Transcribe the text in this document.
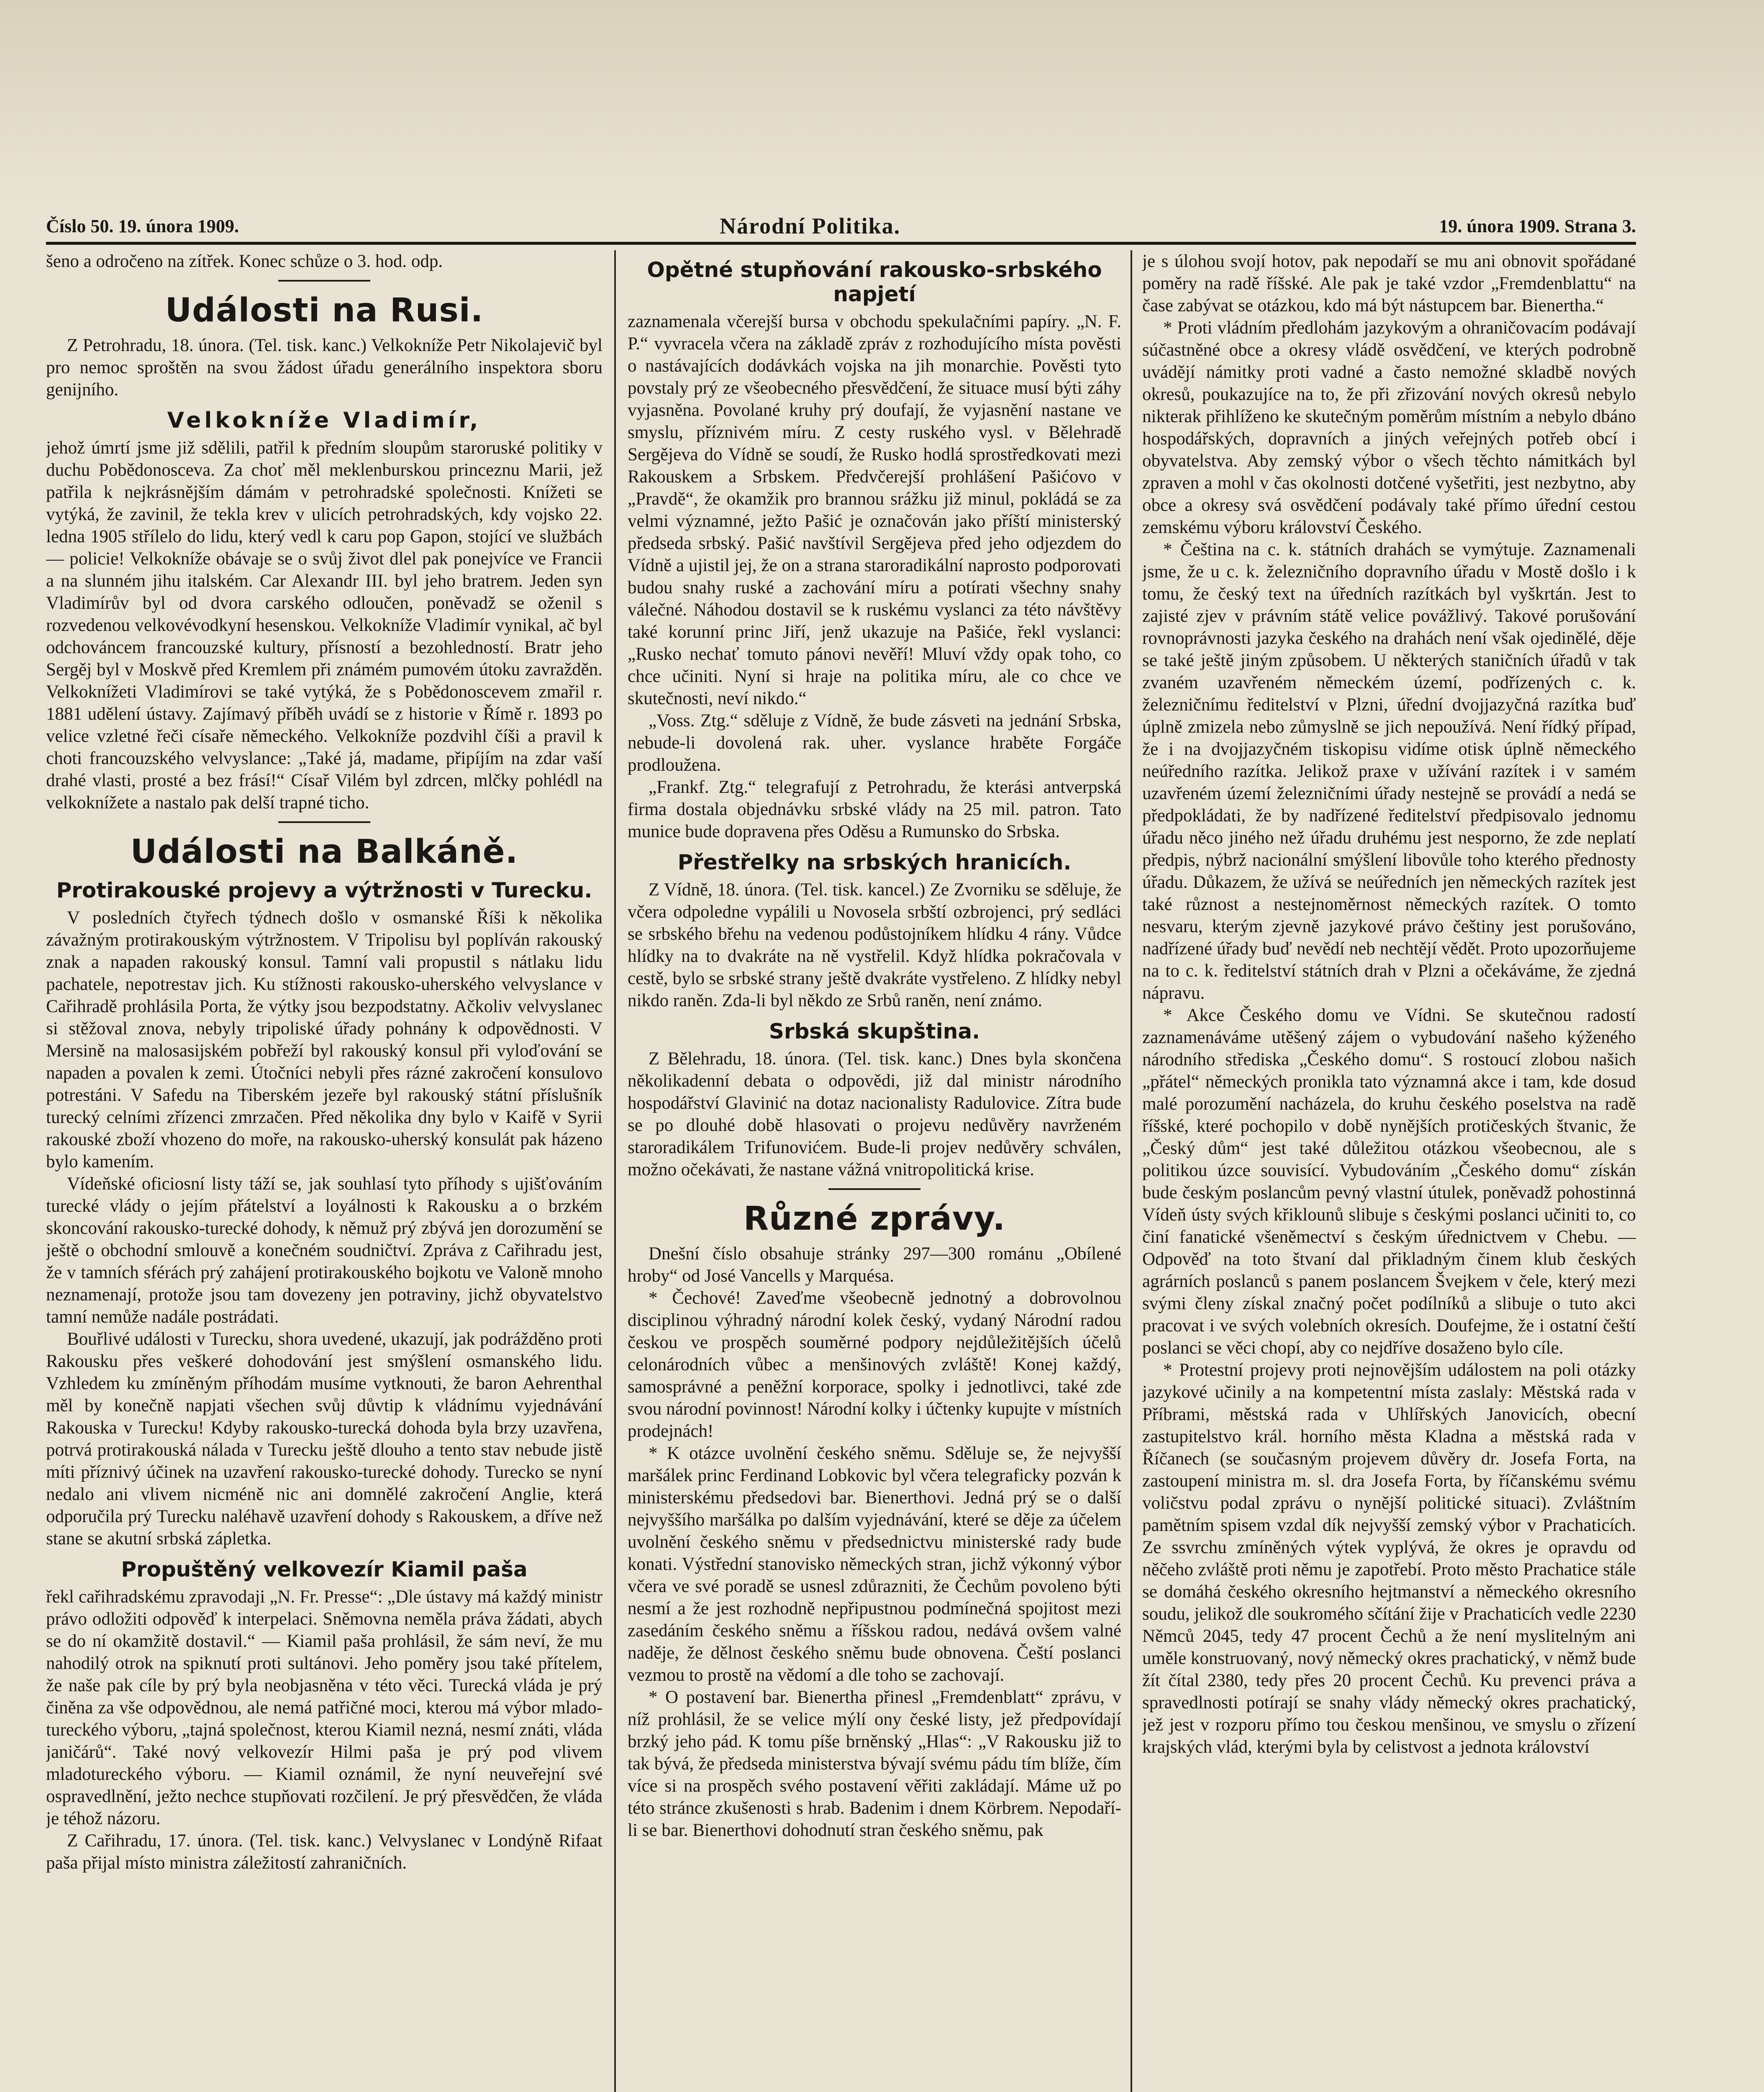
Číslo 50. 19. února 1909.	Národní Politika.	19. února 1909. Strana 3.

šeno a odročeno na zítřek. Konec schůze o 3. hod. odp.

Události na Rusi.

Z Petrohradu, 18. února. (Tel. tisk. kanc.) Velkokníže Petr Nikolajevič byl pro nemoc sproštěn na svou žádost úřadu generálního inspektora sboru genijního.

Velkokníže Vladimír,

jehož úmrtí jsme již sdělili, patřil k předním sloupům staroruské politiky v duchu Pobědonosceva. Za choť měl meklenburskou princeznu Marii, jež patřila k nejkrásnějším dámám v petrohradské společnosti. Knížeti se vytýká, že zavinil, že tekla krev v ulicích petrohradských, kdy vojsko 22. ledna 1905 střílelo do lidu, který vedl k caru pop Gapon, stojící ve službách — policie! Velkokníže obávaje se o svůj život dlel pak ponejvíce ve Francii a na slunném jihu italském. Car Alexandr III. byl jeho bratrem. Jeden syn Vladimírův byl od dvora carského odloučen, poněvadž se oženil s rozvedenou velkovévodkyní hesenskou. Velkokníže Vladimír vynikal, ač byl odchováncem francouzské kultury, přísností a bezohledností. Bratr jeho Sergěj byl v Moskvě před Kremlem při známém pumovém útoku zavražděn. Velkoknížeti Vladimírovi se také vytýká, že s Pobědonoscevem zmařil r. 1881 udělení ústavy. Zajímavý příběh uvádí se z historie v Římě r. 1893 po velice vzletné řeči císaře německého. Velkokníže pozdvihl číši a pravil k choti francouzského velvyslance: „Také já, madame, připíjím na zdar vaší drahé vlasti, prosté a bez frásí!“ Císař Vilém byl zdrcen, mlčky pohlédl na velkoknížete a nastalo pak delší trapné ticho.

Události na Balkáně.
Protirakouské projevy a výtržnosti v Turecku.

V posledních čtyřech týdnech došlo v osmanské Říši k několika závažným protirakouským výtržnostem. V Tripolisu byl poplíván rakouský znak a napaden rakouský konsul. Tamní vali propustil s nátlaku lidu pachatele, nepotrestav jich. Ku stížnosti rakousko-uherského velvyslance v Cařihradě prohlásila Porta, že výtky jsou bezpodstatny. Ačkoliv velvyslanec si stěžoval znova, nebyly tripoliské úřady pohnány k odpovědnosti. V Mersině na malosasijském pobřeží byl rakouský konsul při vyloďování se napaden a povalen k zemi. Útočníci nebyli přes rázné zakročení konsulovo potrestáni. V Safedu na Tiberském jezeře byl rakouský státní příslušník turecký celními zřízenci zmrzačen. Před několika dny bylo v Kaifě v Syrii rakouské zboží vhozeno do moře, na rakousko-uherský konsulát pak házeno bylo kamením.

Vídeňské oficiosní listy táží se, jak souhlasí tyto příhody s ujišťováním turecké vlády o jejím přátelství a loyálnosti k Rakousku a o brzkém skoncování rakousko-turecké dohody, k němuž prý zbývá jen dorozumění se ještě o obchodní smlouvě a konečném soudničtví. Zpráva z Cařihradu jest, že v tamních sférách prý zahájení protirakouského bojkotu ve Valoně mnoho neznamenají, protože jsou tam dovezeny jen potraviny, jichž obyvatelstvo tamní nemůže nadále postrádati.

Bouřlivé události v Turecku, shora uvedené, ukazují, jak podrážděno proti Rakousku přes veškeré dohodování jest smýšlení osmanského lidu. Vzhledem ku zmíněným příhodám musíme vytknouti, že baron Aehrenthal měl by konečně napjati všechen svůj důvtip k vládnímu vyjednávání Rakouska v Turecku! Kdyby rakousko-turecká dohoda byla brzy uzavřena, potrvá protirakouská nálada v Turecku ještě dlouho a tento stav nebude jistě míti příznivý účinek na uzavření rakousko-turecké dohody. Turecko se nyní nedalo ani vlivem nicméně nic ani domnělé zakročení Anglie, která odporučila prý Turecku naléhavě uzavření dohody s Rakouskem, a dříve než stane se akutní srbská zápletka.

Propuštěný velkovezír Kiamil paša

řekl cařihradskému zpravodaji „N. Fr. Presse“: „Dle ústavy má každý ministr právo odložiti odpověď k interpelaci. Sněmovna neměla práva žádati, abych se do ní okamžitě dostavil.“ — Kiamil paša prohlásil, že sám neví, že mu nahodilý otrok na spiknutí proti sultánovi. Jeho poměry jsou také přítelem, že naše pak cíle by prý byla neobjasněna v této věci. Turecká vláda je prý činěna za vše odpovědnou, ale nemá patřičné moci, kterou má výbor mlado-tureckého výboru, „tajná společnost, kterou Kiamil nezná, nesmí znáti, vláda janičárů“. Také nový velkovezír Hilmi paša je prý pod vlivem mladotureckého výboru. — Kiamil oznámil, že nyní neuveřejní své ospravedlnění, ježto nechce stupňovati rozčilení. Je prý přesvědčen, že vláda je téhož názoru.

Z Cařihradu, 17. února. (Tel. tisk. kanc.) Velvyslanec v Londýně Rifaat paša přijal místo ministra záležitostí zahraničních.

Opětné stupňování rakousko-srbského napjetí

zaznamenala včerejší bursa v obchodu spekulačními papíry. „N. F. P.“ vyvracela včera na základě zpráv z rozhodujícího místa pověsti o nastávajících dodávkách vojska na jih monarchie. Pověsti tyto povstaly prý ze všeobecného přesvědčení, že situace musí býti záhy vyjasněna. Povolané kruhy prý doufají, že vyjasnění nastane ve smyslu, příznivém míru. Z cesty ruského vysl. v Bělehradě Sergějeva do Vídně se soudí, že Rusko hodlá sprostředkovati mezi Rakouskem a Srbskem. Předvčerejší prohlášení Pašićovo v „Pravdě“, že okamžik pro brannou srážku již minul, pokládá se za velmi významné, ježto Pašić je označován jako příští ministerský předseda srbský. Pašić navštívil Sergějeva před jeho odjezdem do Vídně a ujistil jej, že on a strana staroradikální naprosto podporovati budou snahy ruské a zachování míru a potírati všechny snahy válečné. Náhodou dostavil se k ruskému vyslanci za této návštěvy také korunní princ Jiří, jenž ukazuje na Pašiće, řekl vyslanci: „Rusko nechať tomuto pánovi nevěří! Mluví vždy opak toho, co chce učiniti. Nyní si hraje na politika míru, ale co chce ve skutečnosti, neví nikdo.“

„Voss. Ztg.“ sděluje z Vídně, že bude zásveti na jednání Srbska, nebude-li dovolená rak. uher. vyslance hraběte Forgáče prodloužena.

„Frankf. Ztg.“ telegrafují z Petrohradu, že kterási antverpská firma dostala objednávku srbské vlády na 25 mil. patron. Tato munice bude dopravena přes Oděsu a Rumunsko do Srbska.

Přestřelky na srbských hranicích.

Z Vídně, 18. února. (Tel. tisk. kancel.) Ze Zvorniku se sděluje, že včera odpoledne vypálili u Novosela srbští ozbrojenci, prý sedláci se srbského břehu na vedenou podůstojníkem hlídku 4 rány. Vůdce hlídky na to dvakráte na ně vystřelil. Když hlídka pokračovala v cestě, bylo se srbské strany ještě dvakráte vystřeleno. Z hlídky nebyl nikdo raněn. Zda-li byl někdo ze Srbů raněn, není známo.

Srbská skupština.

Z Bělehradu, 18. února. (Tel. tisk. kanc.) Dnes byla skončena několikadenní debata o odpovědi, již dal ministr národního hospodářství Glavinić na dotaz nacionalisty Radulovice. Zítra bude se po dlouhé době hlasovati o projevu nedůvěry navrženém staroradikálem Trifunovićem. Bude-li projev nedůvěry schválen, možno očekávati, že nastane vážná vnitropolitická krise.

Různé zprávy.

Dnešní číslo obsahuje stránky 297—300 románu „Obílené hroby“ od José Vancells y Marquésa.

* Čechové! Zaveďme všeobecně jednotný a dobrovolnou disciplinou výhradný národní kolek český, vydaný Národní radou českou ve prospěch souměrné podpory nejdůležitějších účelů celonárodních vůbec a menšinových zvláště! Konej každý, samosprávné a peněžní korporace, spolky i jednotlivci, také zde svou národní povinnost! Národní kolky i účtenky kupujte v místních prodejnách!

* K otázce uvolnění českého sněmu. Sděluje se, že nejvyšší maršálek princ Ferdinand Lobkovic byl včera telegraficky pozván k ministerskému předsedovi bar. Bienerthovi. Jedná prý se o další nejvyššího maršálka po dalším vyjednávání, které se děje za účelem uvolnění českého sněmu v předsednictvu ministerské rady bude konati. Výstřední stanovisko německých stran, jichž výkonný výbor včera ve své poradě se usnesl zdůrazniti, že Čechům povoleno býti nesmí a že jest rozhodně nepřipustnou podmínečná spojitost mezi zasedáním českého sněmu a říšskou radou, nedává ovšem valné naděje, že dělnost českého sněmu bude obnovena. Čeští poslanci vezmou to prostě na vědomí a dle toho se zachovají.

* O postavení bar. Bienertha přinesl „Fremdenblatt“ zprávu, v níž prohlásil, že se velice mýlí ony české listy, jež předpovídají brzký jeho pád. K tomu píše brněnský „Hlas“: „V Rakousku již to tak bývá, že předseda ministerstva bývají svému pádu tím blíže, čím více si na prospěch svého postavení věřiti zakládají. Máme už po této stránce zkušenosti s hrab. Badenim i dnem Körbrem. Nepodaří-li se bar. Bienerthovi dohodnutí stran českého sněmu, pak

je s úlohou svojí hotov, pak nepodaří se mu ani obnovit spořádané poměry na radě říšské. Ale pak je také vzdor „Fremdenblattu“ na čase zabývat se otázkou, kdo má být nástupcem bar. Bienertha.“

* Proti vládním předlohám jazykovým a ohraničovacím podávají súčastněné obce a okresy vládě osvědčení, ve kterých podrobně uvádějí námitky proti vadné a často nemožné skladbě nových okresů, poukazujíce na to, že při zřizování nových okresů nebylo nikterak přihlíženo ke skutečným poměrům místním a nebylo dbáno hospodářských, dopravních a jiných veřejných potřeb obcí i obyvatelstva. Aby zemský výbor o všech těchto námitkách byl zpraven a mohl v čas okolnosti dotčené vyšetřiti, jest nezbytno, aby obce a okresy svá osvědčení podávaly také přímo úřední cestou zemskému výboru království Českého.

* Čeština na c. k. státních drahách se vymýtuje. Zaznamenali jsme, že u c. k. železničního dopravního úřadu v Mostě došlo i k tomu, že český text na úředních razítkách byl vyškrtán. Jest to zajisté zjev v právním státě velice povážlivý. Takové porušování rovnoprávnosti jazyka českého na drahách není však ojedinělé, děje se také ještě jiným způsobem. U některých staničních úřadů v tak zvaném uzavřeném německém území, podřízených c. k. železničnímu ředitelství v Plzni, úřední dvojjazyčná razítka buď úplně zmizela nebo zůmyslně se jich nepoužívá. Není řídký případ, že i na dvojjazyčném tiskopisu vidíme otisk úplně německého neúředního razítka. Jelikož praxe v užívání razítek i v samém uzavřeném území železničními úřady nestejně se provádí a nedá se předpokládati, že by nadřízené ředitelství předpisovalo jednomu úřadu něco jiného než úřadu druhému jest nesporno, že zde neplatí předpis, nýbrž nacionální smýšlení libovůle toho kterého přednosty úřadu. Důkazem, že užívá se neúředních jen německých razítek jest také různost a nestejnoměrnost německých razítek. O tomto nesvaru, kterým zjevně jazykové právo češtiny jest porušováno, nadřízené úřady buď nevědí neb nechtějí vědět. Proto upozorňujeme na to c. k. ředitelství státních drah v Plzni a očekáváme, že zjedná nápravu.

* Akce Českého domu ve Vídni. Se skutečnou radostí zaznamenáváme utěšený zájem o vybudování našeho kýženého národního střediska „Českého domu“. S rostoucí zlobou našich „přátel“ německých pronikla tato významná akce i tam, kde dosud malé porozumění nacházela, do kruhu českého poselstva na radě říšské, které pochopilo v době nynějších protičeských štvanic, že „Český dům“ jest také důležitou otázkou všeobecnou, ale s politikou úzce souvisící. Vybudováním „Českého domu“ získán bude českým poslancům pevný vlastní útulek, poněvadž pohostinná Vídeň ústy svých křiklounů slibuje s českými poslanci učiniti to, co činí fanatické všeněmectví s českým úřednictvem v Chebu. — Odpověď na toto štvaní dal přikladným činem klub českých agrárních poslanců s panem poslancem Švejkem v čele, který mezi svými členy získal značný počet podílníků a slibuje o tuto akci pracovat i ve svých volebních okresích. Doufejme, že i ostatní čeští poslanci se věci chopí, aby co nejdříve dosaženo bylo cíle.

* Protestní projevy proti nejnovějším událostem na poli otázky jazykové učinily a na kompetentní místa zaslaly: Městská rada v Příbrami, městská rada v Uhlířských Janovicích, obecní zastupitelstvo král. horního města Kladna a městská rada v Říčanech (se současným projevem důvěry dr. Josefa Forta, na zastoupení ministra m. sl. dra Josefa Forta, by říčanskému svému voličstvu podal zprávu o nynější politické situaci). Zvláštním pamětním spisem vzdal dík nejvyšší zemský výbor v Prachaticích. Ze ssvrchu zmíněných výtek vyplývá, že okres je opravdu od něčeho zvláště proti němu je zapotřebí. Proto město Prachatice stále se domáhá českého okresního hejtmanství a německého okresního soudu, jelikož dle soukromého sčítání žije v Prachaticích vedle 2230 Němců 2045, tedy 47 procent Čechů a že není myslitelným ani uměle konstruovaný, nový německý okres prachatický, v němž bude žít čítal 2380, tedy přes 20 procent Čechů. Ku prevenci práva a spravedlnosti potírají se snahy vlády německý okres prachatický, jež jest v rozporu přímo tou českou menšinou, ve smyslu o zřízení krajských vlád, kterými byla by celistvost a jednota království
